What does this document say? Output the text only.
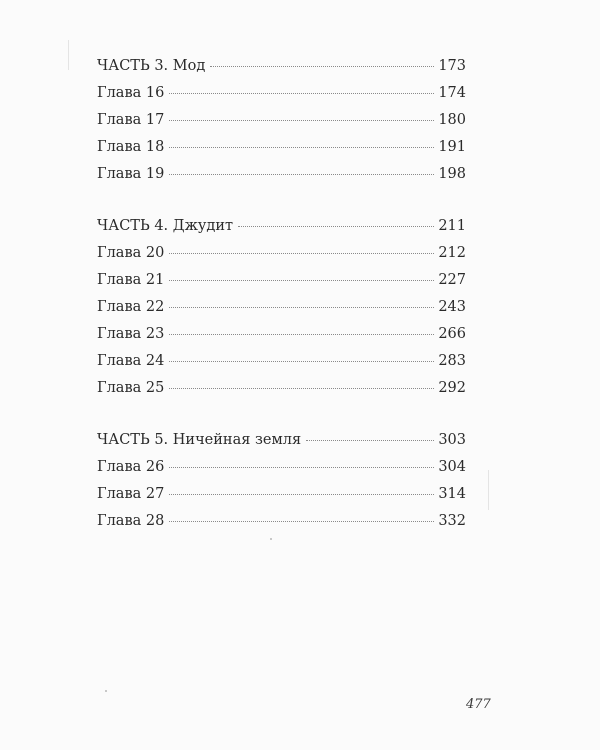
ЧАСТЬ 3. Мод	173
Глава 16	174
Глава 17	180
Глава 18	191
Глава 19	198
ЧАСТЬ 4. Джудит	211
Глава 20	212
Глава 21	227
Глава 22	243
Глава 23	266
Глава 24	283
Глава 25	292
ЧАСТЬ 5. Ничейная земля	303
Глава 26	304
Глава 27	314
Глава 28	332
477
